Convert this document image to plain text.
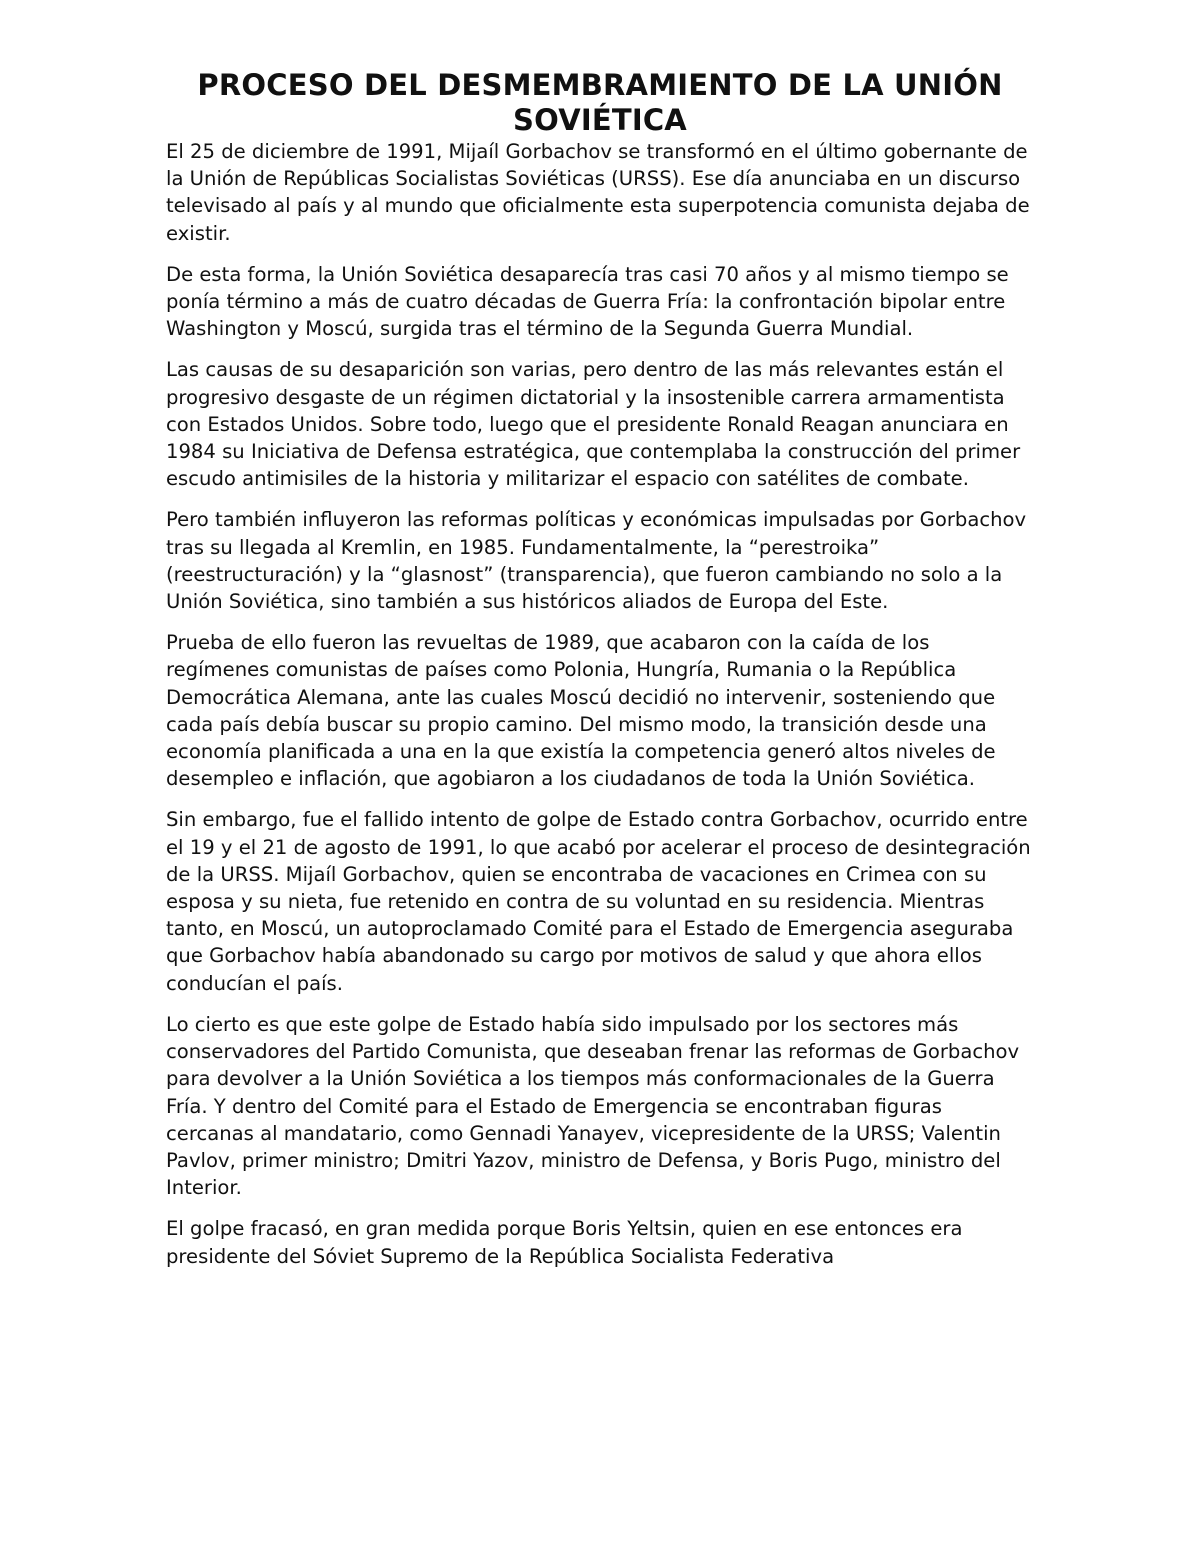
PROCESO DEL DESMEMBRAMIENTO DE LA UNIÓN SOVIÉTICA

El 25 de diciembre de 1991, Mijaíl Gorbachov se transformó en el último gobernante de la Unión de Repúblicas Socialistas Soviéticas (URSS). Ese día anunciaba en un discurso televisado al país y al mundo que oficialmente esta superpotencia comunista dejaba de existir.

De esta forma, la Unión Soviética desaparecía tras casi 70 años y al mismo tiempo se ponía término a más de cuatro décadas de Guerra Fría: la confrontación bipolar entre Washington y Moscú, surgida tras el término de la Segunda Guerra Mundial.

Las causas de su desaparición son varias, pero dentro de las más relevantes están el progresivo desgaste de un régimen dictatorial y la insostenible carrera armamentista con Estados Unidos. Sobre todo, luego que el presidente Ronald Reagan anunciara en 1984 su Iniciativa de Defensa estratégica, que contemplaba la construcción del primer escudo antimisiles de la historia y militarizar el espacio con satélites de combate.

Pero también influyeron las reformas políticas y económicas impulsadas por Gorbachov tras su llegada al Kremlin, en 1985. Fundamentalmente, la “perestroika” (reestructuración) y la “glasnost” (transparencia), que fueron cambiando no solo a la Unión Soviética, sino también a sus históricos aliados de Europa del Este.

Prueba de ello fueron las revueltas de 1989, que acabaron con la caída de los regímenes comunistas de países como Polonia, Hungría, Rumania o la República Democrática Alemana, ante las cuales Moscú decidió no intervenir, sosteniendo que cada país debía buscar su propio camino. Del mismo modo, la transición desde una economía planificada a una en la que existía la competencia generó altos niveles de desempleo e inflación, que agobiaron a los ciudadanos de toda la Unión Soviética.

Sin embargo, fue el fallido intento de golpe de Estado contra Gorbachov, ocurrido entre el 19 y el 21 de agosto de 1991, lo que acabó por acelerar el proceso de desintegración de la URSS. Mijaíl Gorbachov, quien se encontraba de vacaciones en Crimea con su esposa y su nieta, fue retenido en contra de su voluntad en su residencia. Mientras tanto, en Moscú, un autoproclamado Comité para el Estado de Emergencia aseguraba que Gorbachov había abandonado su cargo por motivos de salud y que ahora ellos conducían el país.

Lo cierto es que este golpe de Estado había sido impulsado por los sectores más conservadores del Partido Comunista, que deseaban frenar las reformas de Gorbachov para devolver a la Unión Soviética a los tiempos más conformacionales de la Guerra Fría. Y dentro del Comité para el Estado de Emergencia se encontraban figuras cercanas al mandatario, como Gennadi Yanayev, vicepresidente de la URSS; Valentin Pavlov, primer ministro; Dmitri Yazov, ministro de Defensa, y Boris Pugo, ministro del Interior.

El golpe fracasó, en gran medida porque Boris Yeltsin, quien en ese entonces era presidente del Sóviet Supremo de la República Socialista Federativa
